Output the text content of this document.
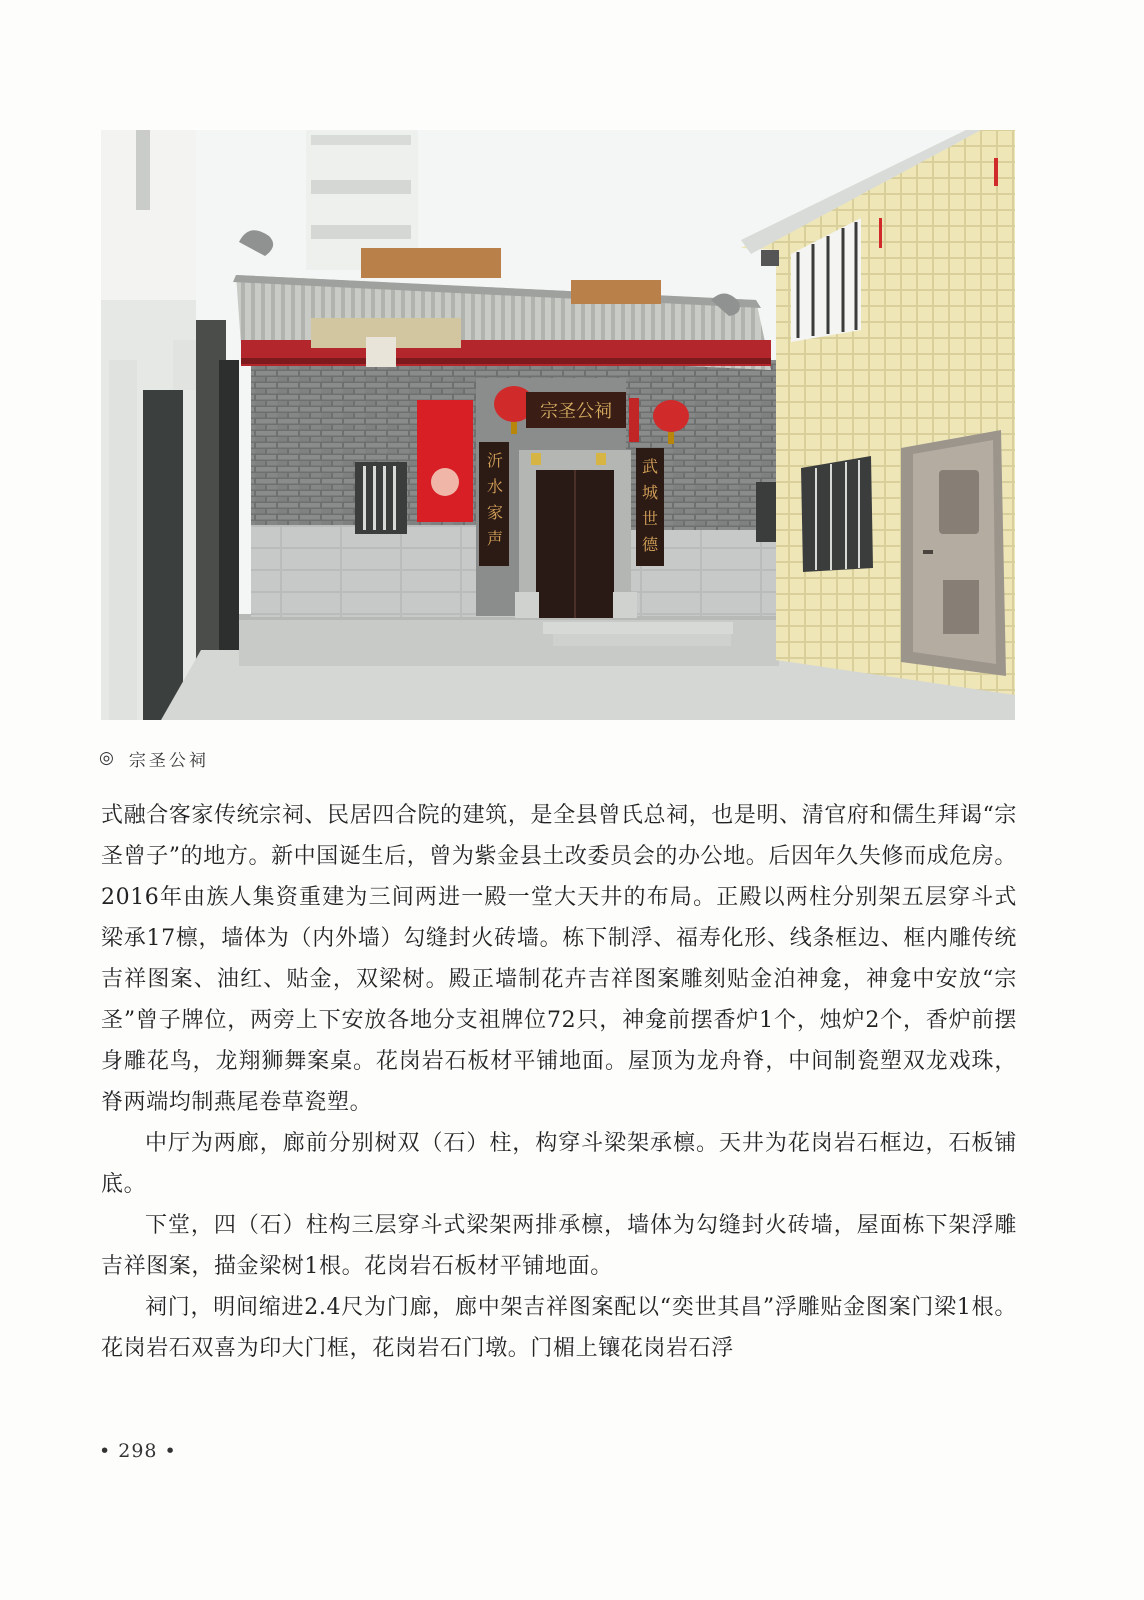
宗圣公祠
沂水家声
武城世德
◎ 宗圣公祠

式融合客家传统宗祠、民居四合院的建筑，是全县曾氏总祠，也是明、清官府和儒生拜谒“宗圣曾子”的地方。新中国诞生后，曾为紫金县土改委员会的办公地。后因年久失修而成危房。2016年由族人集资重建为三间两进一殿一堂大天井的布局。正殿以两柱分别架五层穿斗式梁承17檩，墙体为（内外墙）勾缝封火砖墙。栋下制浮、福寿化形、线条框边、框内雕传统吉祥图案、油红、贴金，双梁树。殿正墙制花卉吉祥图案雕刻贴金泊神龛，神龛中安放“宗圣”曾子牌位，两旁上下安放各地分支祖牌位72只，神龛前摆香炉1个，烛炉2个，香炉前摆身雕花鸟，龙翔狮舞案桌。花岗岩石板材平铺地面。屋顶为龙舟脊，中间制瓷塑双龙戏珠，脊两端均制燕尾卷草瓷塑。

中厅为两廊，廊前分别树双（石）柱，构穿斗梁架承檩。天井为花岗岩石框边，石板铺底。

下堂，四（石）柱构三层穿斗式梁架两排承檩，墙体为勾缝封火砖墙，屋面栋下架浮雕吉祥图案，描金梁树1根。花岗岩石板材平铺地面。

祠门，明间缩进2.4尺为门廊，廊中架吉祥图案配以“奕世其昌”浮雕贴金图案门梁1根。花岗岩石双喜为印大门框，花岗岩石门墩。门楣上镶花岗岩石浮

• 298 •
